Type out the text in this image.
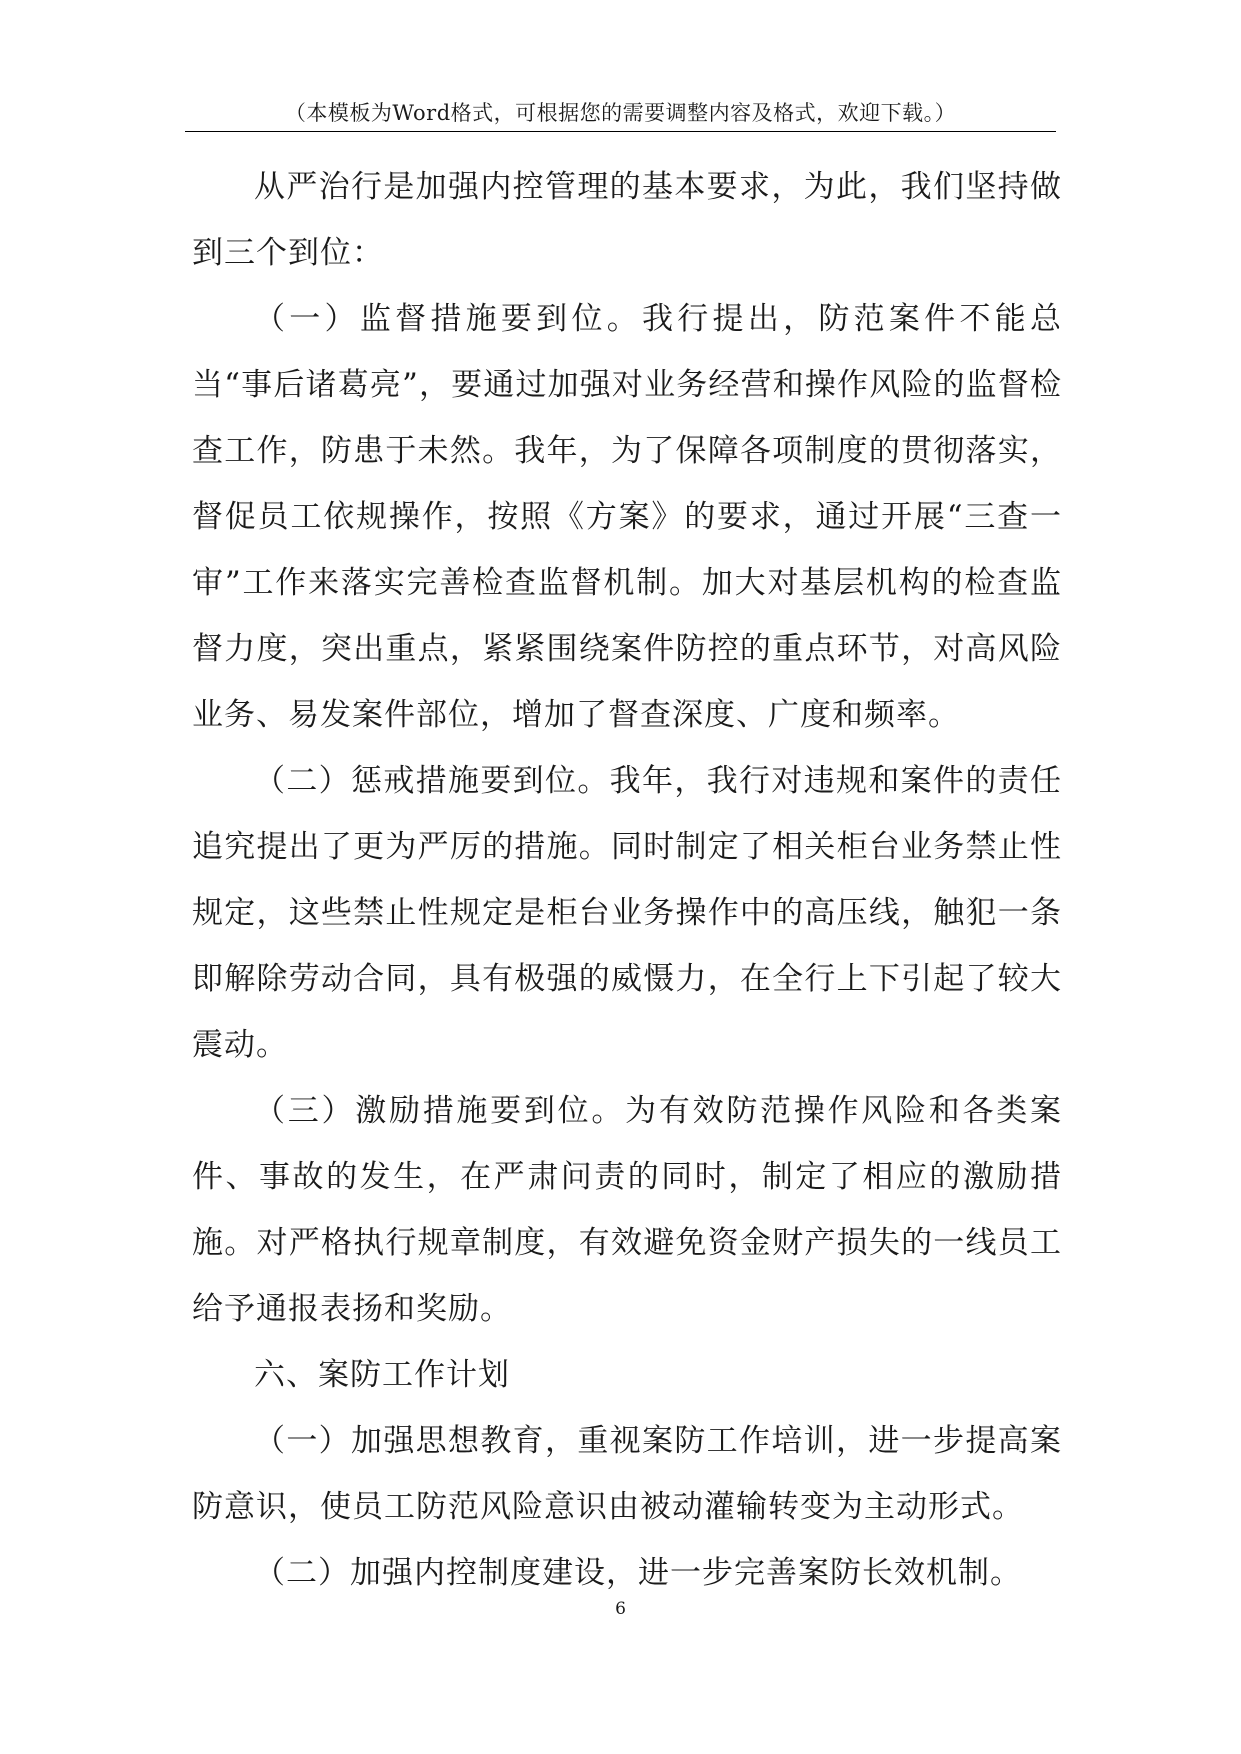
（本模板为Word格式，可根据您的需要调整内容及格式，欢迎下载。）

从严治行是加强内控管理的基本要求，为此，我们坚持做到三个到位：

（一）监督措施要到位。我行提出，防范案件不能总当“事后诸葛亮”，要通过加强对业务经营和操作风险的监督检查工作，防患于未然。我年，为了保障各项制度的贯彻落实，督促员工依规操作，按照《方案》的要求，通过开展“三查一审”工作来落实完善检查监督机制。加大对基层机构的检查监督力度，突出重点，紧紧围绕案件防控的重点环节，对高风险业务、易发案件部位，增加了督查深度、广度和频率。

（二）惩戒措施要到位。我年，我行对违规和案件的责任追究提出了更为严厉的措施。同时制定了相关柜台业务禁止性规定，这些禁止性规定是柜台业务操作中的高压线，触犯一条即解除劳动合同，具有极强的威慑力，在全行上下引起了较大震动。

（三）激励措施要到位。为有效防范操作风险和各类案件、事故的发生，在严肃问责的同时，制定了相应的激励措施。对严格执行规章制度，有效避免资金财产损失的一线员工给予通报表扬和奖励。

六、案防工作计划

（一）加强思想教育，重视案防工作培训，进一步提高案防意识，使员工防范风险意识由被动灌输转变为主动形式。

（二）加强内控制度建设，进一步完善案防长效机制。

6
